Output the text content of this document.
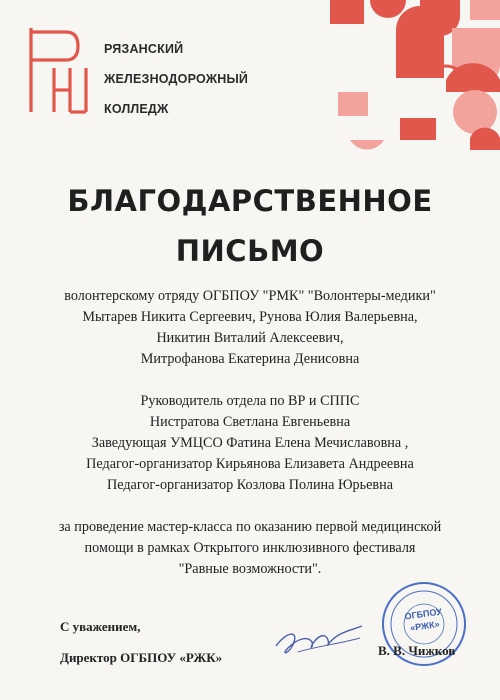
РЯЗАНСКИЙ
ЖЕЛЕЗНОДОРОЖНЫЙ
КОЛЛЕДЖ
БЛАГОДАРСТВЕННОЕ
ПИСЬМО
волонтерскому отряду ОГБПОУ "РМК" "Волонтеры-медики"
Мытарев Никита Сергеевич, Рунова Юлия Валерьевна,
Никитин Виталий Алексеевич,
Митрофанова Екатерина Денисовна
Руководитель отдела по ВР и СППС
Нистратова Светлана Евгеньевна
Заведующая УМЦСО Фатина Елена Мечиславовна ,
Педагог-организатор Кирьянова Елизавета Андреевна
Педагог-организатор Козлова Полина Юрьевна
за проведение мастер-класса по оказанию первой медицинской
помощи в рамках Открытого инклюзивного фестиваля
"Равные возможности".
С уважением,
Директор ОГБПОУ «РЖК»
ОГБПОУ
«РЖК»
В. В. Чижков
